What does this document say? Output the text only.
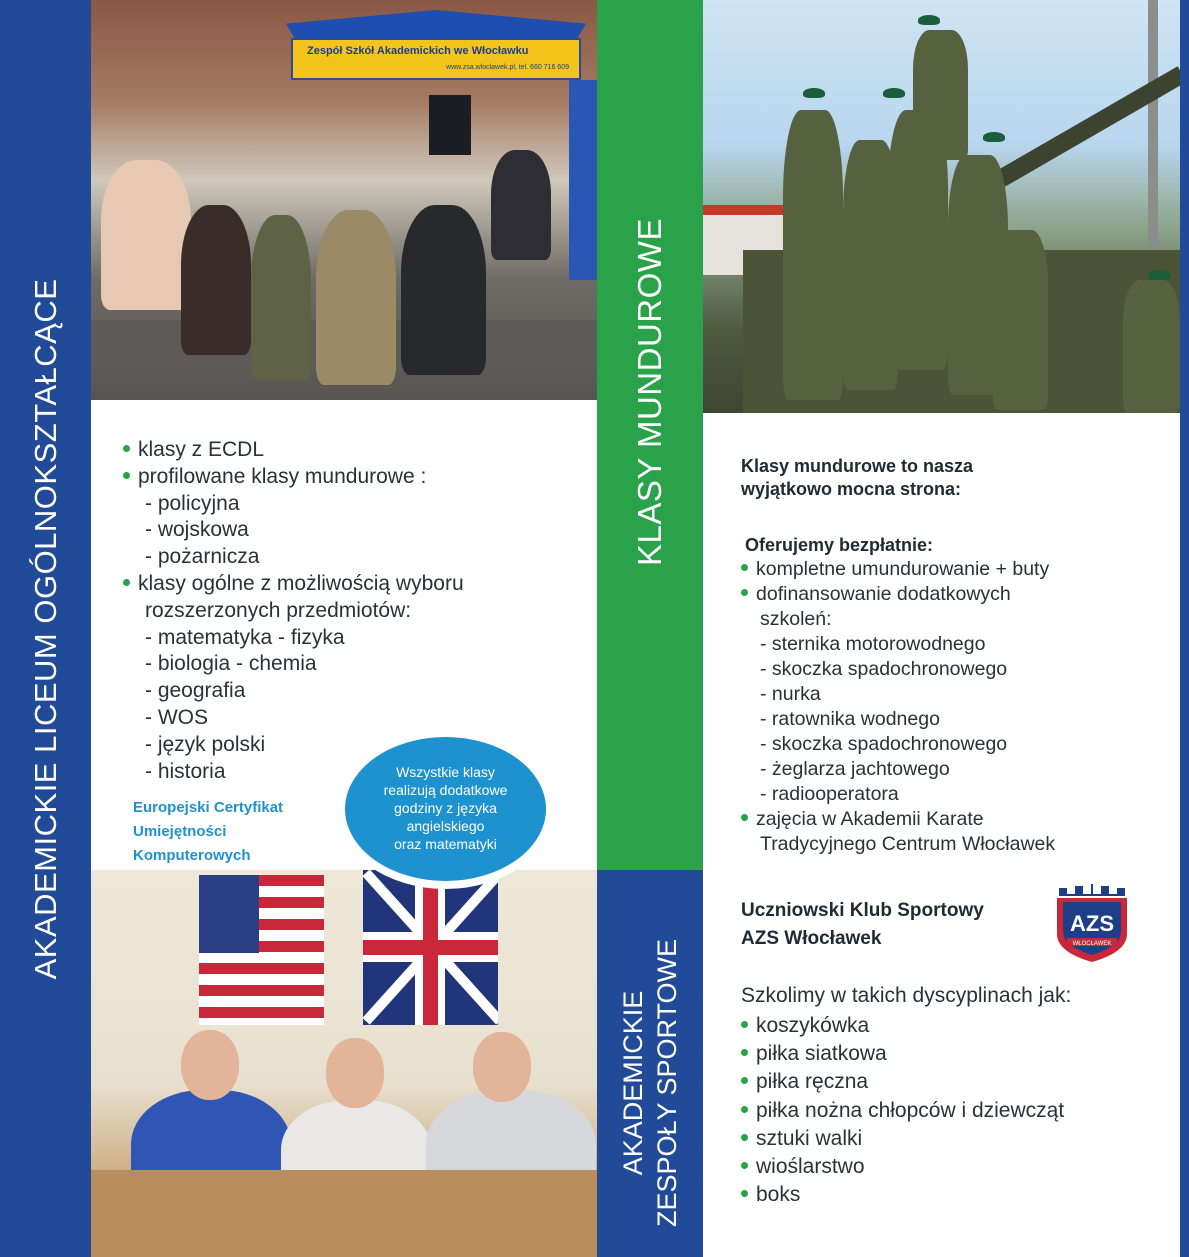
AKADEMICKIE LICEUM OGÓLNOKSZTAŁCĄCE
Zespół Szkół Akademickich we Włocławku
www.zsa.wloclawek.pl, tel. 660 716 609
KLASY MUNDUROWE
klasy z ECDL
profilowane klasy mundurowe :
- policyjna
- wojskowa
- pożarnicza
klasy ogólne z możliwością wyboru
rozszerzonych przedmiotów:
- matematyka - fizyka
- biologia - chemia
- geografia
- WOS
- język polski
- historia
Europejski Certyfikat
Umiejętności
Komputerowych
Wszystkie klasy
realizują dodatkowe
godziny z języka
angielskiego
oraz matematyki
AKADEMICKIE ZESPOŁY SPORTOWE
Klasy mundurowe to nasza
wyjątkowo mocna strona:
Oferujemy bezpłatnie:
kompletne umundurowanie + buty
dofinansowanie dodatkowych
szkoleń:
- sternika motorowodnego
- skoczka spadochronowego
- nurka
- ratownika wodnego
- skoczka spadochronowego
- żeglarza jachtowego
- radiooperatora
zajęcia w Akademii Karate
Tradycyjnego Centrum Włocławek
Uczniowski Klub Sportowy
AZS Włocławek
AZS
WŁOCŁAWEK
Szkolimy w takich dyscyplinach jak:
koszykówka
piłka siatkowa
piłka ręczna
piłka nożna chłopców i dziewcząt
sztuki walki
wioślarstwo
boks
